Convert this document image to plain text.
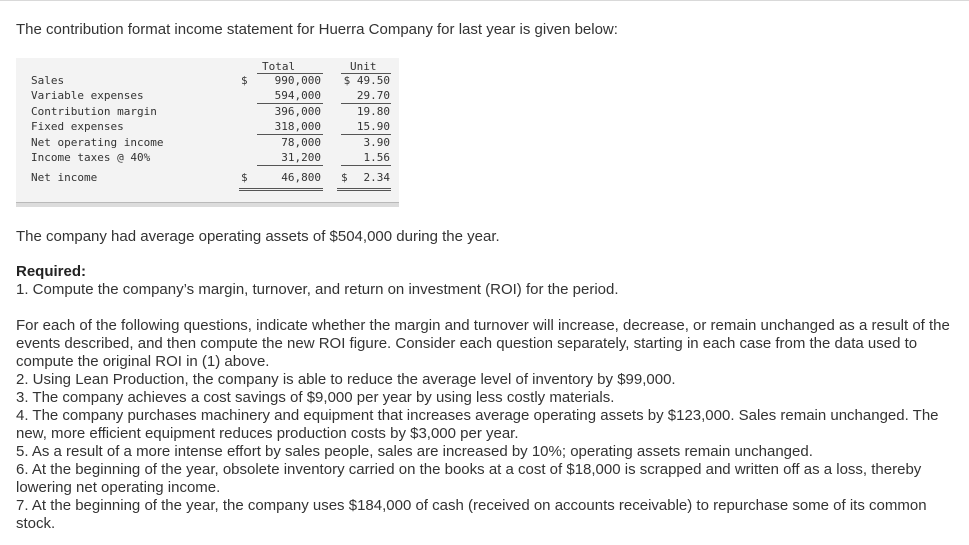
The contribution format income statement for Huerra Company for last year is given below:
Total	Unit
Sales	$ 990,000 $ 49.50
Variable expenses	594,000	29.70
Contribution margin	396,000	19.80
Fixed expenses	318,000	15.90
Net operating income	78,000	3.90
Income taxes @ 40%	31,200	1.56
Net income	$	46,800 $ 2.34
The company had average operating assets of $504,000 during the year.
Required:
1. Compute the company’s margin, turnover, and return on investment (ROI) for the period.
For each of the following questions, indicate whether the margin and turnover will increase, decrease, or remain unchanged as a result of the events described, and then compute the new ROI figure. Consider each question separately, starting in each case from the data used to compute the original ROI in (1) above.

2. Using Lean Production, the company is able to reduce the average level of inventory by $99,000.

3. The company achieves a cost savings of $9,000 per year by using less costly materials.

4. The company purchases machinery and equipment that increases average operating assets by $123,000. Sales remain unchanged. The new, more efficient equipment reduces production costs by $3,000 per year.

5. As a result of a more intense effort by sales people, sales are increased by 10%; operating assets remain unchanged.

6. At the beginning of the year, obsolete inventory carried on the books at a cost of $18,000 is scrapped and written off as a loss, thereby lowering net operating income.

7. At the beginning of the year, the company uses $184,000 of cash (received on accounts receivable) to repurchase some of its common stock.
